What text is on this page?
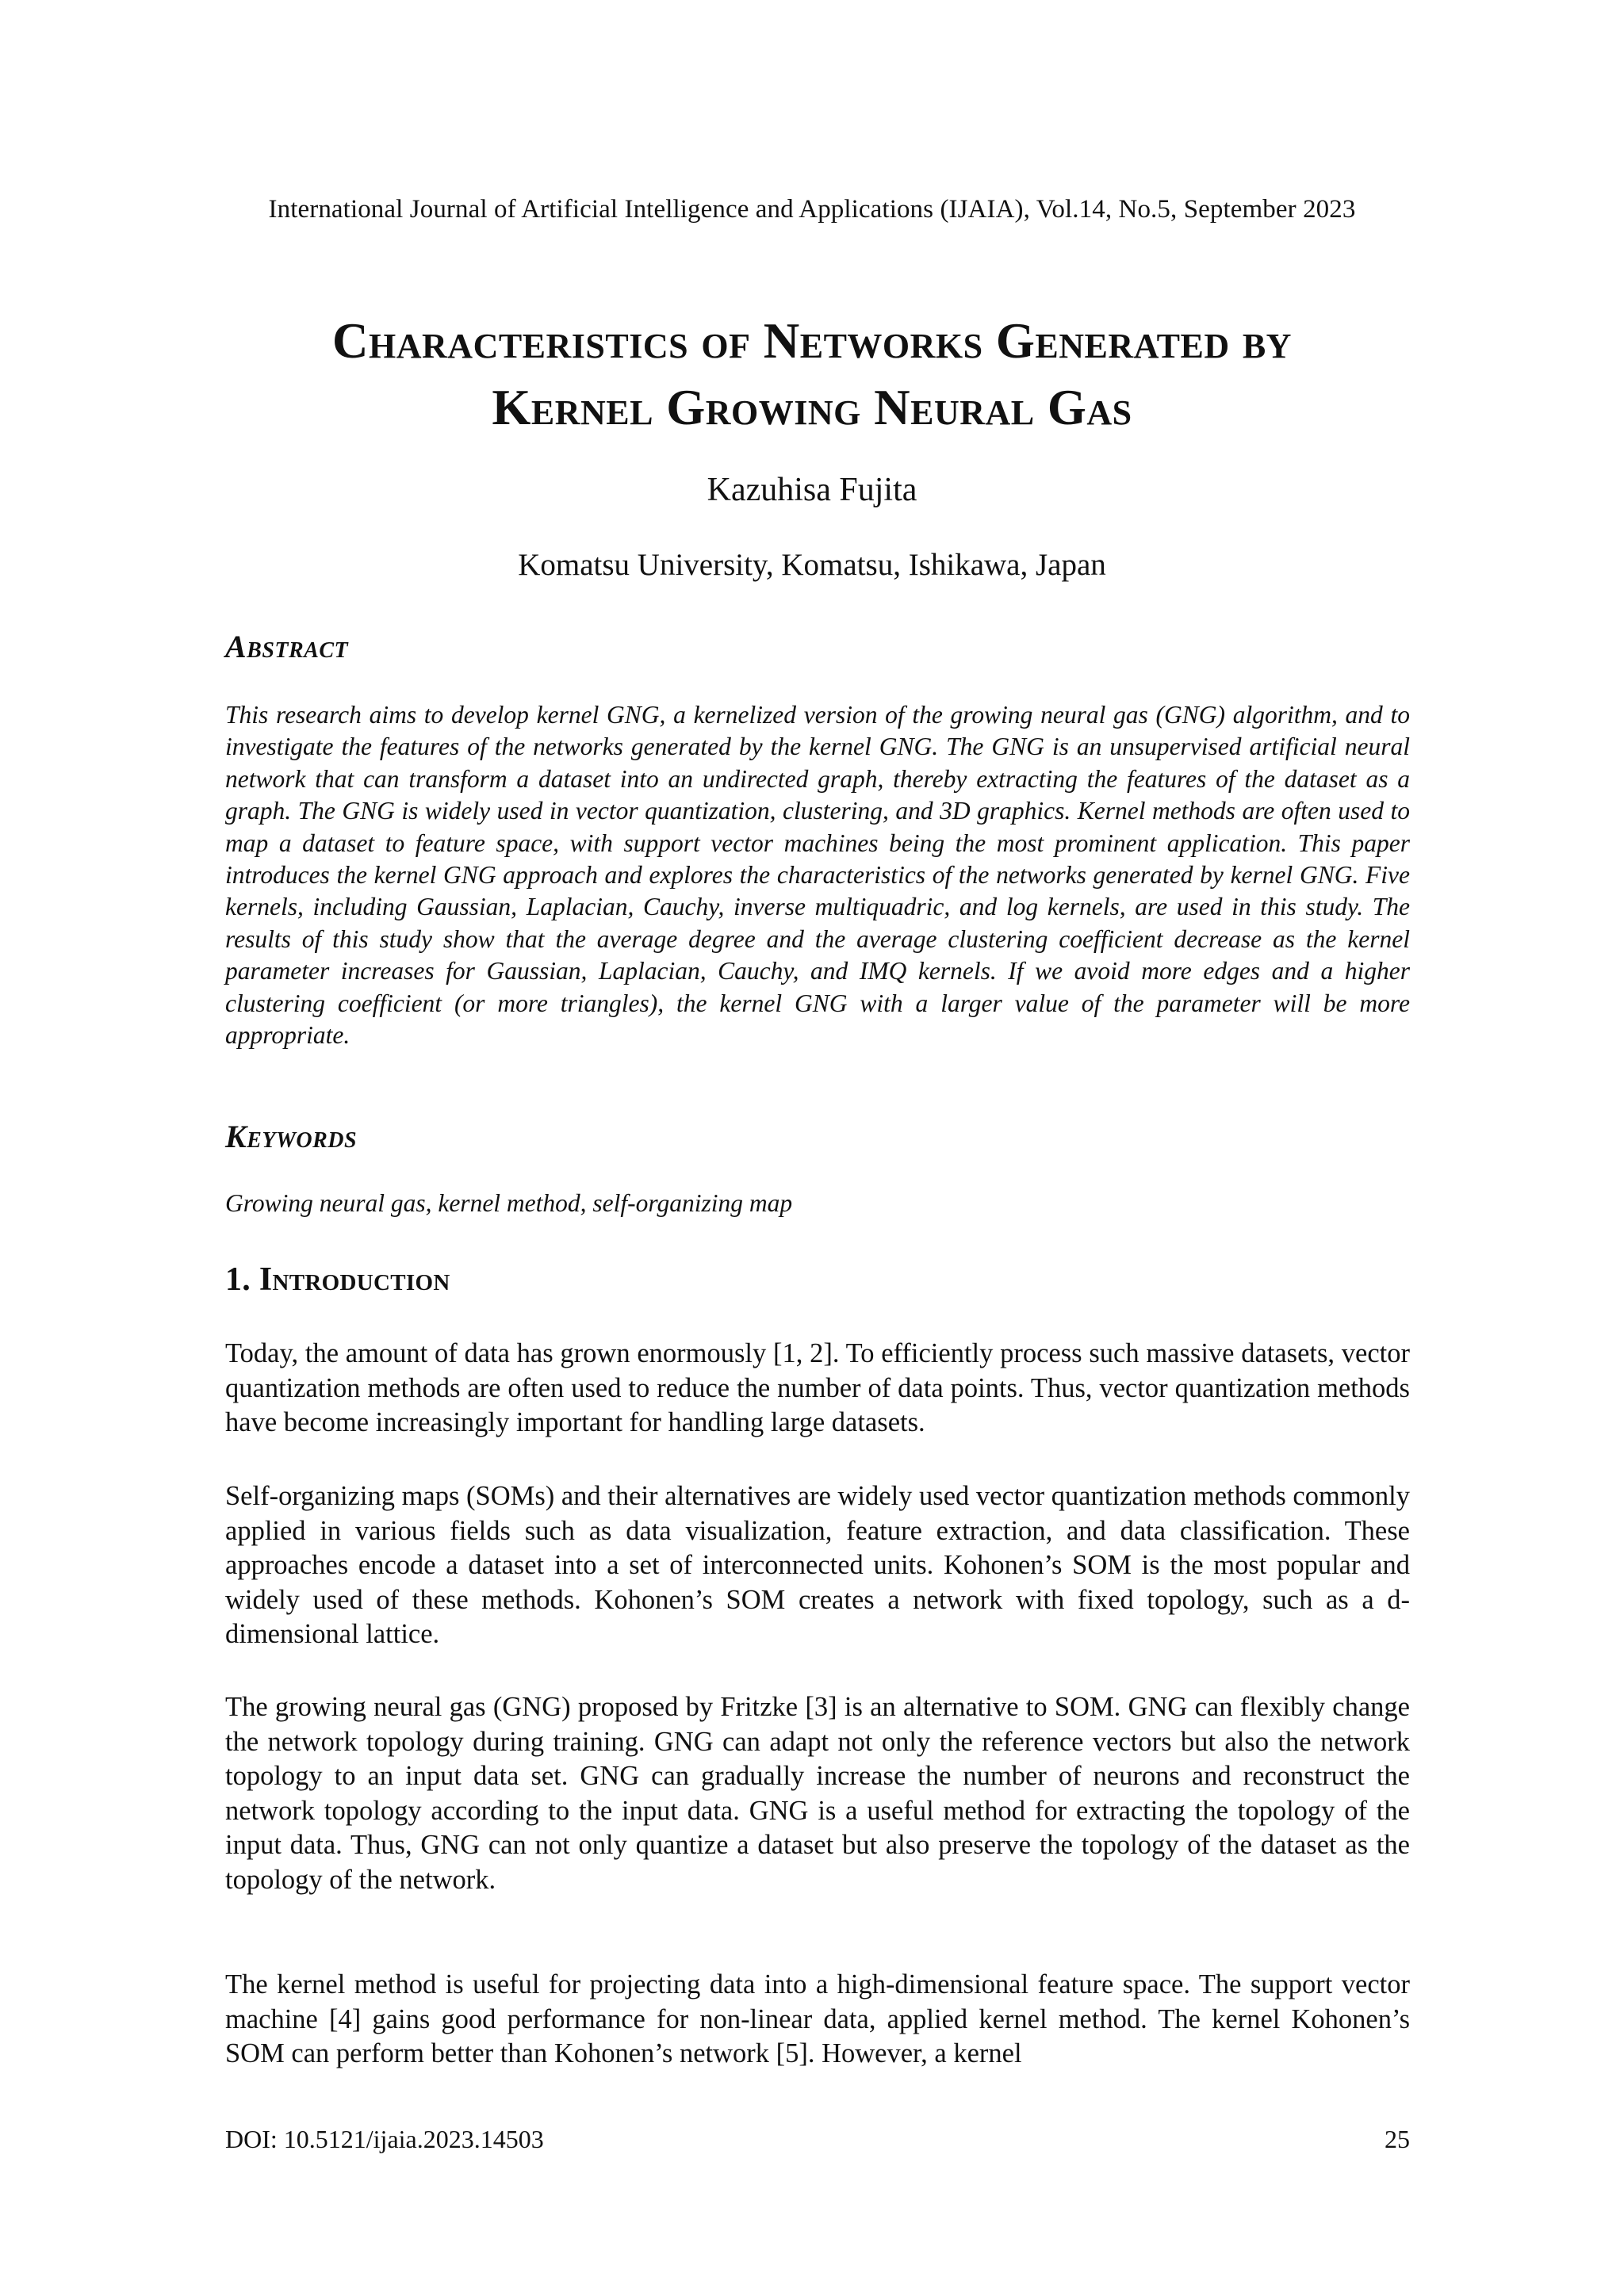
International Journal of Artificial Intelligence and Applications (IJAIA), Vol.14, No.5, September 2023
Characteristics of Networks Generated by
Kernel Growing Neural Gas
Kazuhisa Fujita
Komatsu University, Komatsu, Ishikawa, Japan
Abstract
This research aims to develop kernel GNG, a kernelized version of the growing neural gas (GNG) algorithm, and to investigate the features of the networks generated by the kernel GNG. The GNG is an unsupervised artificial neural network that can transform a dataset into an undirected graph, thereby extracting the features of the dataset as a graph. The GNG is widely used in vector quantization, clustering, and 3D graphics. Kernel methods are often used to map a dataset to feature space, with support vector machines being the most prominent application. This paper introduces the kernel GNG approach and explores the characteristics of the networks generated by kernel GNG. Five kernels, including Gaussian, Laplacian, Cauchy, inverse multiquadric, and log kernels, are used in this study. The results of this study show that the average degree and the average clustering coefficient decrease as the kernel parameter increases for Gaussian, Laplacian, Cauchy, and IMQ kernels. If we avoid more edges and a higher clustering coefficient (or more triangles), the kernel GNG with a larger value of the parameter will be more appropriate.
Keywords
Growing neural gas, kernel method, self-organizing map
1. Introduction
Today, the amount of data has grown enormously [1, 2]. To efficiently process such massive datasets, vector quantization methods are often used to reduce the number of data points. Thus, vector quantization methods have become increasingly important for handling large datasets.
Self-organizing maps (SOMs) and their alternatives are widely used vector quantization methods commonly applied in various fields such as data visualization, feature extraction, and data classification. These approaches encode a dataset into a set of interconnected units. Kohonen’s SOM is the most popular and widely used of these methods. Kohonen’s SOM creates a network with fixed topology, such as a d-dimensional lattice.
The growing neural gas (GNG) proposed by Fritzke [3] is an alternative to SOM. GNG can flexibly change the network topology during training. GNG can adapt not only the reference vectors but also the network topology to an input data set. GNG can gradually increase the number of neurons and reconstruct the network topology according to the input data. GNG is a useful method for extracting the topology of the input data. Thus, GNG can not only quantize a dataset but also preserve the topology of the dataset as the topology of the network.
The kernel method is useful for projecting data into a high-dimensional feature space. The support vector machine [4] gains good performance for non-linear data, applied kernel method. The kernel Kohonen’s SOM can perform better than Kohonen’s network [5]. However, a kernel
DOI: 10.5121/ijaia.2023.14503	25
